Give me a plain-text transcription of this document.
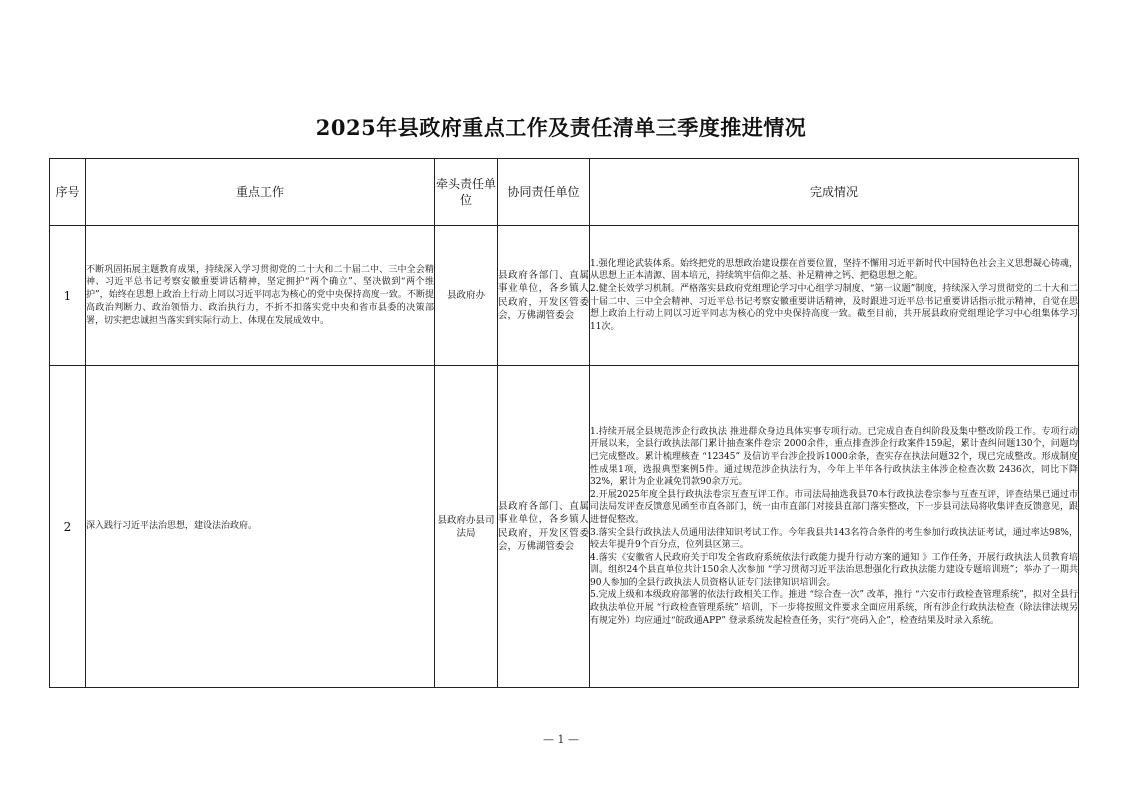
2025年县政府重点工作及责任清单三季度推进情况
序号	重点工作	牵头责任单位	协同责任单位	完成情况
1	不断巩固拓展主题教育成果，持续深入学习贯彻党的二十大和二十届二中、三中全会精神、习近平总书记考察安徽重要讲话精神，坚定拥护“两个确立”、坚决做到“两个维护”，始终在思想上政治上行动上同以习近平同志为核心的党中央保持高度一致。不断提高政治判断力、政治领悟力、政治执行力，不折不扣落实党中央和省市县委的决策部署，切实把忠诚担当落实到实际行动上、体现在发展成效中。	县政府办	县政府各部门、直属事业单位，各乡镇人民政府，开发区管委会，万佛湖管委会	1.强化理论武装体系。始终把党的思想政治建设摆在首要位置，坚持不懈用习近平新时代中国特色社会主义思想凝心铸魂，从思想上正本清源、固本培元，持续筑牢信仰之基、补足精神之钙、把稳思想之舵。
2.健全长效学习机制。严格落实县政府党组理论学习中心组学习制度、“第一议题”制度，持续深入学习贯彻党的二十大和二十届二中、三中全会精神、习近平总书记考察安徽重要讲话精神，及时跟进习近平总书记重要讲话指示批示精神，自觉在思想上政治上行动上同以习近平同志为核心的党中央保持高度一致。截至目前，共开展县政府党组理论学习中心组集体学习 11次。

2	深入践行习近平法治思想，建设法治政府。	县政府办县司法局	县政府各部门、直属事业单位，各乡镇人民政府，开发区管委会，万佛湖管委会	1.持续开展全县规范涉企行政执法 推进群众身边具体实事专项行动。已完成自查自纠阶段及集中整改阶段工作。专项行动开展以来，全县行政执法部门累计抽查案件卷宗 2000余件，重点排查涉企行政案件159起，累计查纠问题130个，问题均已完成整改。累计梳理核查 “12345” 及信访平台涉企投诉1000余条，查实存在执法问题32个，现已完成整改。形成制度性成果1项，选报典型案例5件。通过规范涉企执法行为，今年上半年各行政执法主体涉企检查次数 2436次，同比下降32%，累计为企业减免罚款90余万元。
2.开展2025年度全县行政执法卷宗互查互评工作。市司法局抽选我县70本行政执法卷宗参与互查互评，评查结果已通过市司法局发评查反馈意见函至市直各部门，统一由市直部门对接县直部门落实整改，下一步县司法局将收集评查反馈意见，跟进督促整改。
3.落实全县行政执法人员通用法律知识考试工作。今年我县共143名符合条件的考生参加行政执法证考试，通过率达98%，较去年提升9个百分点，位列县区第三。
4.落实《安徽省人民政府关于印发全省政府系统依法行政能力提升行动方案的通知 》工作任务，开展行政执法人员教育培训。组织24个县直单位共计150余人次参加 “学习贯彻习近平法治思想强化行政执法能力建设专题培训班”；举办了一期共90人参加的全县行政执法人员资格认证专门法律知识培训会。
5.完成上级和本级政府部署的依法行政相关工作。推进 “综合查一次” 改革，推行 “六安市行政检查管理系统”，拟对全县行政执法单位开展 “行政检查管理系统” 培训，下一步将按照文件要求全面应用系统，所有涉企行政执法检查（除法律法规另有规定外）均应通过“皖政通APP” 登录系统发起检查任务，实行“亮码入企”，检查结果及时录入系统。
— 1 —
